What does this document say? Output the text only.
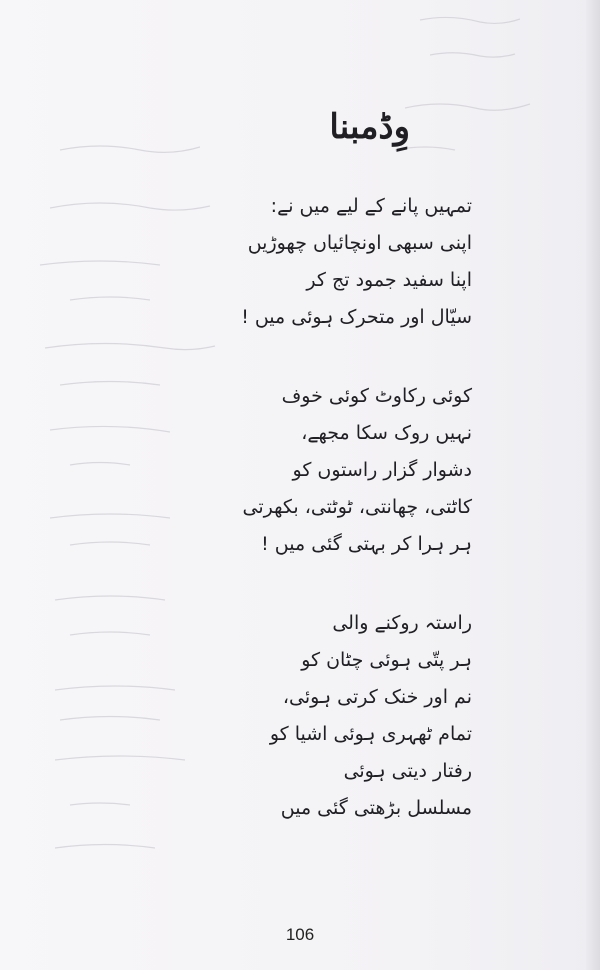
وِڈمبنا
تمہیں پانے کے لیے میں نے:
اپنی سبھی اونچائیاں چھوڑیں
اپنا سفید جمود تج کر
سیّال اور متحرک ہوئی میں !
کوئی رکاوٹ کوئی خوف
نہیں روک سکا مجھے،
دشوار گزار راستوں کو
کاٹتی، چھانتی، ٹوٹتی، بکھرتی
ہر ہرا کر بہتی گئی میں !
راستہ روکنے والی
ہر پتّی ہوئی چٹان کو
نم اور خنک کرتی ہوئی،
تمام ٹھہری ہوئی اشیا کو
رفتار دیتی ہوئی
مسلسل بڑھتی گئی میں
106
